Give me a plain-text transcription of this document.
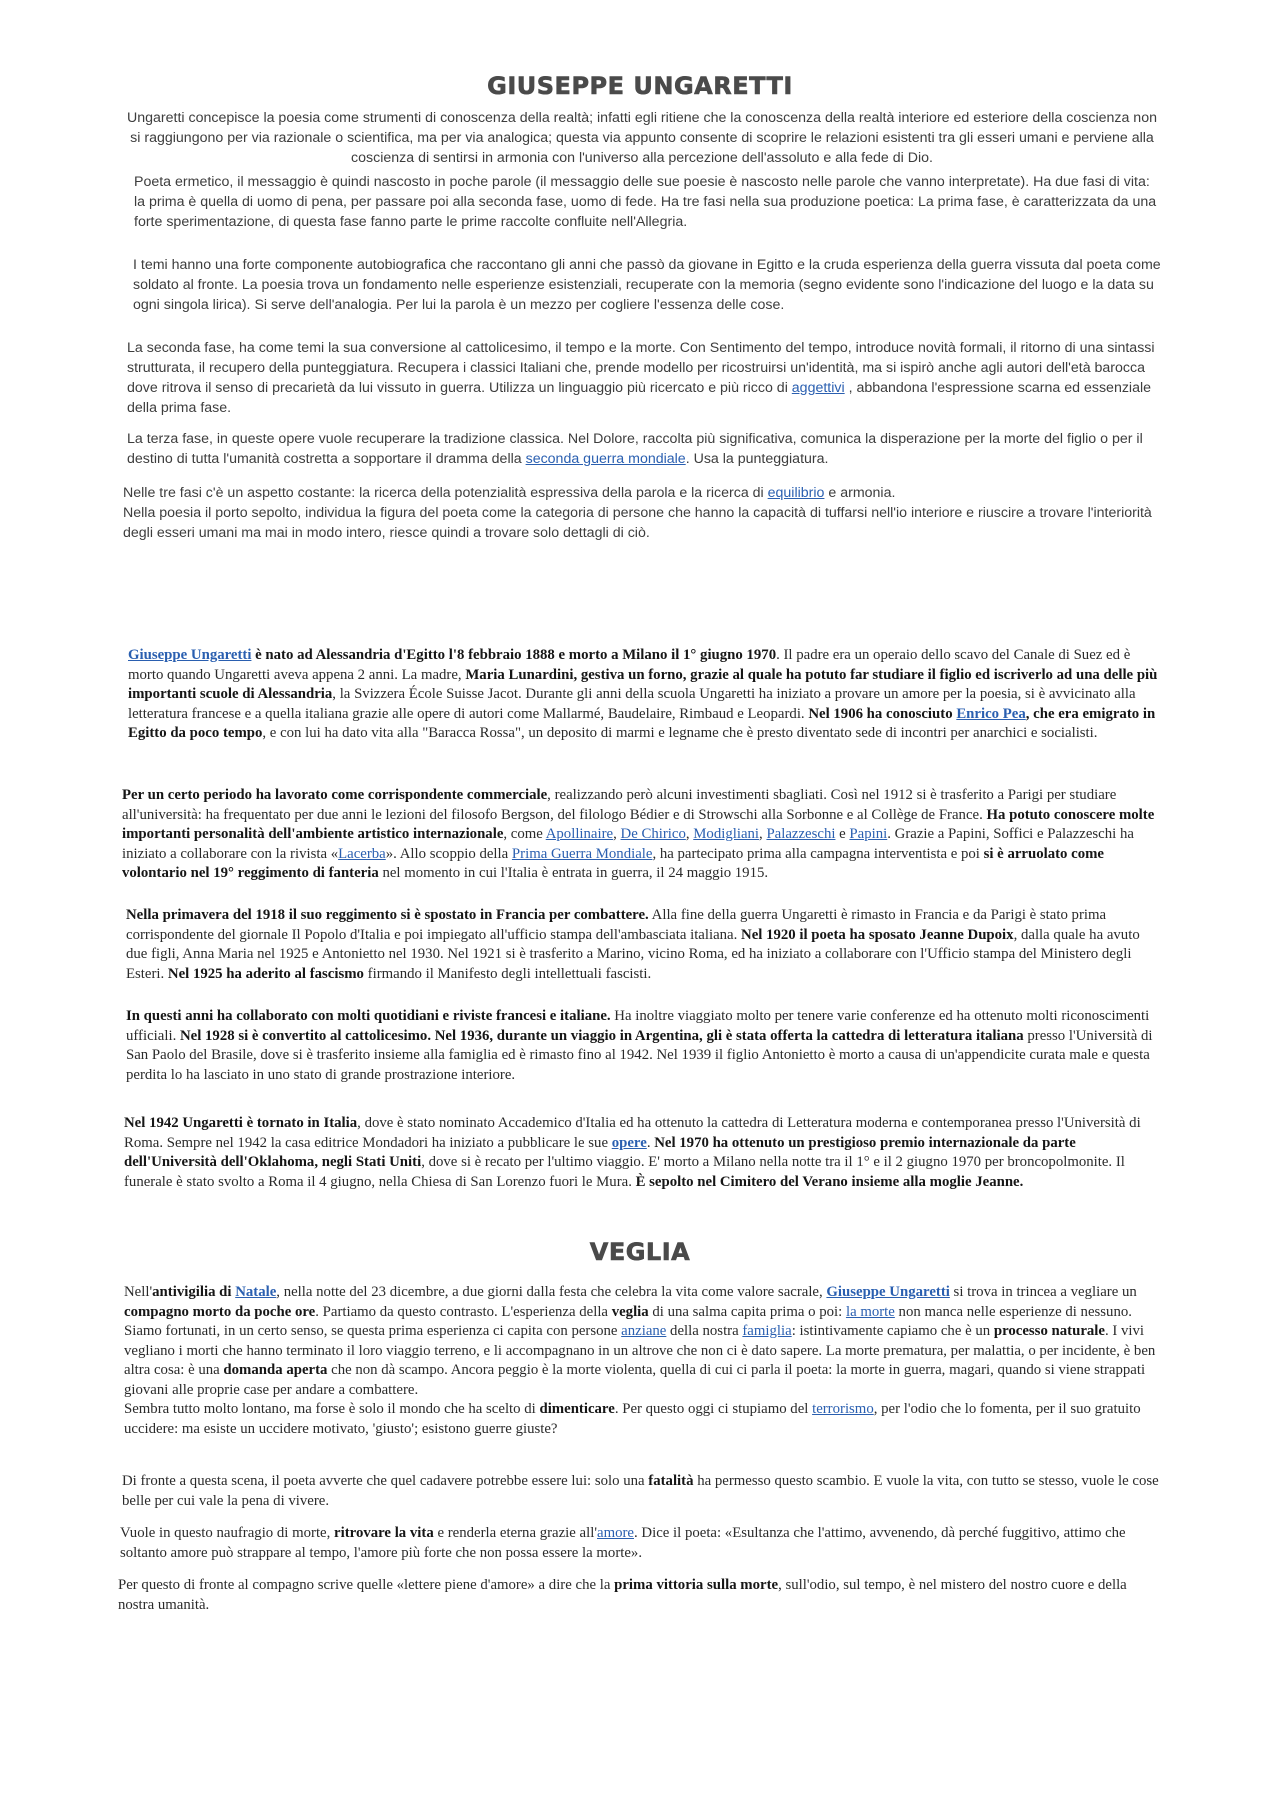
GIUSEPPE UNGARETTI

Ungaretti concepisce la poesia come strumenti di conoscenza della realtà; infatti egli ritiene che la conoscenza della realtà interiore ed esteriore della coscienza non si raggiungono per via razionale o scientifica, ma per via analogica; questa via appunto consente di scoprire le relazioni esistenti tra gli esseri umani e perviene alla coscienza di sentirsi in armonia con l'universo alla percezione dell'assoluto e alla fede di Dio.

Poeta ermetico, il messaggio è quindi nascosto in poche parole (il messaggio delle sue poesie è nascosto nelle parole che vanno interpretate). Ha due fasi di vita: la prima è quella di uomo di pena, per passare poi alla seconda fase, uomo di fede. Ha tre fasi nella sua produzione poetica: La prima fase, è caratterizzata da una forte sperimentazione, di questa fase fanno parte le prime raccolte confluite nell'Allegria.

I temi hanno una forte componente autobiografica che raccontano gli anni che passò da giovane in Egitto e la cruda esperienza della guerra vissuta dal poeta come soldato al fronte. La poesia trova un fondamento nelle esperienze esistenziali, recuperate con la memoria (segno evidente sono l'indicazione del luogo e la data su ogni singola lirica). Si serve dell'analogia. Per lui la parola è un mezzo per cogliere l'essenza delle cose.

La seconda fase, ha come temi la sua conversione al cattolicesimo, il tempo e la morte. Con Sentimento del tempo, introduce novità formali, il ritorno di una sintassi strutturata, il recupero della punteggiatura. Recupera i classici Italiani che, prende modello per ricostruirsi un'identità, ma si ispirò anche agli autori dell'età barocca dove ritrova il senso di precarietà da lui vissuto in guerra. Utilizza un linguaggio più ricercato e più ricco di aggettivi , abbandona l'espressione scarna ed essenziale della prima fase.

La terza fase, in queste opere vuole recuperare la tradizione classica. Nel Dolore, raccolta più significativa, comunica la disperazione per la morte del figlio o per il destino di tutta l'umanità costretta a sopportare il dramma della seconda guerra mondiale. Usa la punteggiatura.

Nelle tre fasi c'è un aspetto costante: la ricerca della potenzialità espressiva della parola e la ricerca di equilibrio e armonia.
Nella poesia il porto sepolto, individua la figura del poeta come la categoria di persone che hanno la capacità di tuffarsi nell'io interiore e riuscire a trovare l'interiorità degli esseri umani ma mai in modo intero, riesce quindi a trovare solo dettagli di ciò.

Giuseppe Ungaretti è nato ad Alessandria d'Egitto l'8 febbraio 1888 e morto a Milano il 1° giugno 1970. Il padre era un operaio dello scavo del Canale di Suez ed è morto quando Ungaretti aveva appena 2 anni. La madre, Maria Lunardini, gestiva un forno, grazie al quale ha potuto far studiare il figlio ed iscriverlo ad una delle più importanti scuole di Alessandria, la Svizzera École Suisse Jacot. Durante gli anni della scuola Ungaretti ha iniziato a provare un amore per la poesia, si è avvicinato alla letteratura francese e a quella italiana grazie alle opere di autori come Mallarmé, Baudelaire, Rimbaud e Leopardi. Nel 1906 ha conosciuto Enrico Pea, che era emigrato in Egitto da poco tempo, e con lui ha dato vita alla "Baracca Rossa", un deposito di marmi e legname che è presto diventato sede di incontri per anarchici e socialisti.

Per un certo periodo ha lavorato come corrispondente commerciale, realizzando però alcuni investimenti sbagliati. Così nel 1912 si è trasferito a Parigi per studiare all'università: ha frequentato per due anni le lezioni del filosofo Bergson, del filologo Bédier e di Strowschi alla Sorbonne e al Collège de France. Ha potuto conoscere molte importanti personalità dell'ambiente artistico internazionale, come Apollinaire, De Chirico, Modigliani, Palazzeschi e Papini. Grazie a Papini, Soffici e Palazzeschi ha iniziato a collaborare con la rivista «Lacerba». Allo scoppio della Prima Guerra Mondiale, ha partecipato prima alla campagna interventista e poi si è arruolato come volontario nel 19° reggimento di fanteria nel momento in cui l'Italia è entrata in guerra, il 24 maggio 1915.

Nella primavera del 1918 il suo reggimento si è spostato in Francia per combattere. Alla fine della guerra Ungaretti è rimasto in Francia e da Parigi è stato prima corrispondente del giornale Il Popolo d'Italia e poi impiegato all'ufficio stampa dell'ambasciata italiana. Nel 1920 il poeta ha sposato Jeanne Dupoix, dalla quale ha avuto due figli, Anna Maria nel 1925 e Antonietto nel 1930. Nel 1921 si è trasferito a Marino, vicino Roma, ed ha iniziato a collaborare con l'Ufficio stampa del Ministero degli Esteri. Nel 1925 ha aderito al fascismo firmando il Manifesto degli intellettuali fascisti.

In questi anni ha collaborato con molti quotidiani e riviste francesi e italiane. Ha inoltre viaggiato molto per tenere varie conferenze ed ha ottenuto molti riconoscimenti ufficiali. Nel 1928 si è convertito al cattolicesimo. Nel 1936, durante un viaggio in Argentina, gli è stata offerta la cattedra di letteratura italiana presso l'Università di San Paolo del Brasile, dove si è trasferito insieme alla famiglia ed è rimasto fino al 1942. Nel 1939 il figlio Antonietto è morto a causa di un'appendicite curata male e questa perdita lo ha lasciato in uno stato di grande prostrazione interiore.

Nel 1942 Ungaretti è tornato in Italia, dove è stato nominato Accademico d'Italia ed ha ottenuto la cattedra di Letteratura moderna e contemporanea presso l'Università di Roma. Sempre nel 1942 la casa editrice Mondadori ha iniziato a pubblicare le sue opere. Nel 1970 ha ottenuto un prestigioso premio internazionale da parte dell'Università dell'Oklahoma, negli Stati Uniti, dove si è recato per l'ultimo viaggio. E' morto a Milano nella notte tra il 1° e il 2 giugno 1970 per broncopolmonite. Il funerale è stato svolto a Roma il 4 giugno, nella Chiesa di San Lorenzo fuori le Mura. È sepolto nel Cimitero del Verano insieme alla moglie Jeanne.

VEGLIA

Nell'antivigilia di Natale, nella notte del 23 dicembre, a due giorni dalla festa che celebra la vita come valore sacrale, Giuseppe Ungaretti si trova in trincea a vegliare un compagno morto da poche ore. Partiamo da questo contrasto. L'esperienza della veglia di una salma capita prima o poi: la morte non manca nelle esperienze di nessuno. Siamo fortunati, in un certo senso, se questa prima esperienza ci capita con persone anziane della nostra famiglia: istintivamente capiamo che è un processo naturale. I vivi vegliano i morti che hanno terminato il loro viaggio terreno, e li accompagnano in un altrove che non ci è dato sapere. La morte prematura, per malattia, o per incidente, è ben altra cosa: è una domanda aperta che non dà scampo. Ancora peggio è la morte violenta, quella di cui ci parla il poeta: la morte in guerra, magari, quando si viene strappati giovani alle proprie case per andare a combattere.
Sembra tutto molto lontano, ma forse è solo il mondo che ha scelto di dimenticare. Per questo oggi ci stupiamo del terrorismo, per l'odio che lo fomenta, per il suo gratuito uccidere: ma esiste un uccidere motivato, 'giusto'; esistono guerre giuste?

Di fronte a questa scena, il poeta avverte che quel cadavere potrebbe essere lui: solo una fatalità ha permesso questo scambio. E vuole la vita, con tutto se stesso, vuole le cose belle per cui vale la pena di vivere.

Vuole in questo naufragio di morte, ritrovare la vita e renderla eterna grazie all'amore. Dice il poeta: «Esultanza che l'attimo, avvenendo, dà perché fuggitivo, attimo che soltanto amore può strappare al tempo, l'amore più forte che non possa essere la morte».

Per questo di fronte al compagno scrive quelle «lettere piene d'amore» a dire che la prima vittoria sulla morte, sull'odio, sul tempo, è nel mistero del nostro cuore e della nostra umanità.
